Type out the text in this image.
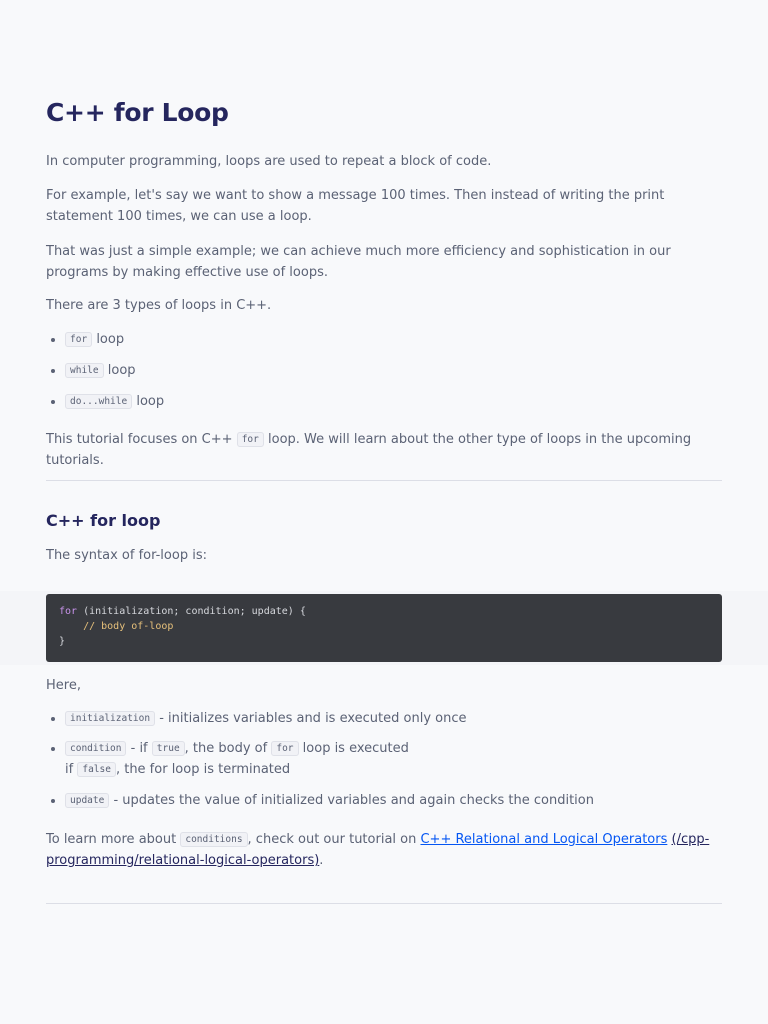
C++ for Loop

In computer programming, loops are used to repeat a block of code.

For example, let's say we want to show a message 100 times. Then instead of writing the print statement 100 times, we can use a loop.

That was just a simple example; we can achieve much more efficiency and sophistication in our programs by making effective use of loops.

There are 3 types of loops in C++.

for loop
while loop
do...while loop

This tutorial focuses on C++ for loop. We will learn about the other type of loops in the upcoming tutorials.

C++ for loop

The syntax of for-loop is:

for (initialization; condition; update) {
// body of-loop
}

Here,

initialization - initializes variables and is executed only once
condition - if true , the body of for loop is executed
if false , the for loop is terminated
update - updates the value of initialized variables and again checks the condition

To learn more about conditions , check out our tutorial on C++ Relational and Logical Operators (/cpp-programming/relational-logical-operators).
